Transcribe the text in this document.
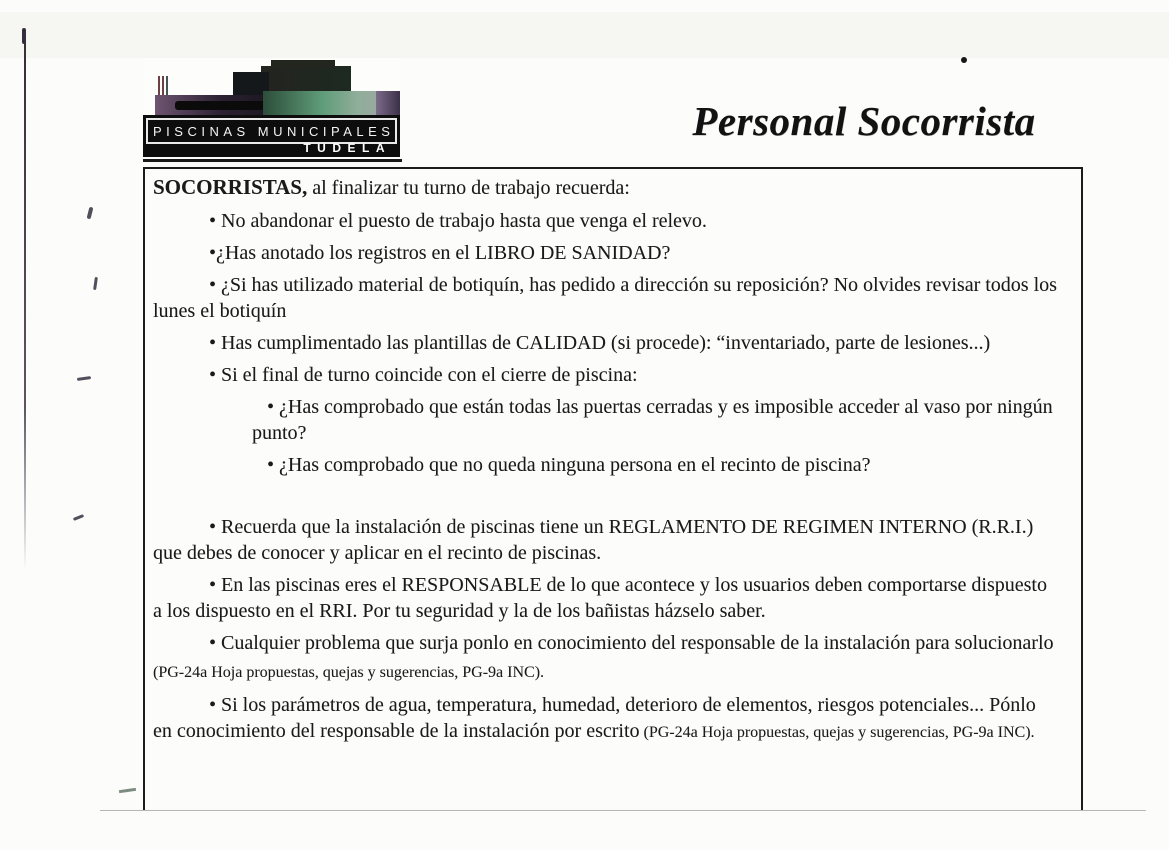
PISCINAS MUNICIPALES
TUDELA
Personal Socorrista

SOCORRISTAS, al finalizar tu turno de trabajo recuerda:

• No abandonar el puesto de trabajo hasta que venga el relevo.

•¿Has anotado los registros en el LIBRO DE SANIDAD?

• ¿Si has utilizado material de botiquín, has pedido a dirección su reposición? No olvides revisar todos los lunes el botiquín

• Has cumplimentado las plantillas de CALIDAD (si procede): “inventariado, parte de lesiones...)

• Si el final de turno coincide con el cierre de piscina:

• ¿Has comprobado que están todas las puertas cerradas y es imposible acceder al vaso por ningún punto?

• ¿Has comprobado que no queda ninguna persona en el recinto de piscina?

• Recuerda que la instalación de piscinas tiene un REGLAMENTO DE REGIMEN INTERNO (R.R.I.) que debes de conocer y aplicar en el recinto de piscinas.

• En las piscinas eres el RESPONSABLE de lo que acontece y los usuarios deben comportarse dispuesto a los dispuesto en el RRI. Por tu seguridad y la de los bañistas házselo saber.

• Cualquier problema que surja ponlo en conocimiento del responsable de la instalación para solucionarlo (PG-24a Hoja propuestas, quejas y sugerencias, PG-9a INC).

• Si los parámetros de agua, temperatura, humedad, deterioro de elementos, riesgos potenciales... Pónlo en conocimiento del responsable de la instalación por escrito (PG-24a Hoja propuestas, quejas y sugerencias, PG-9a INC).
